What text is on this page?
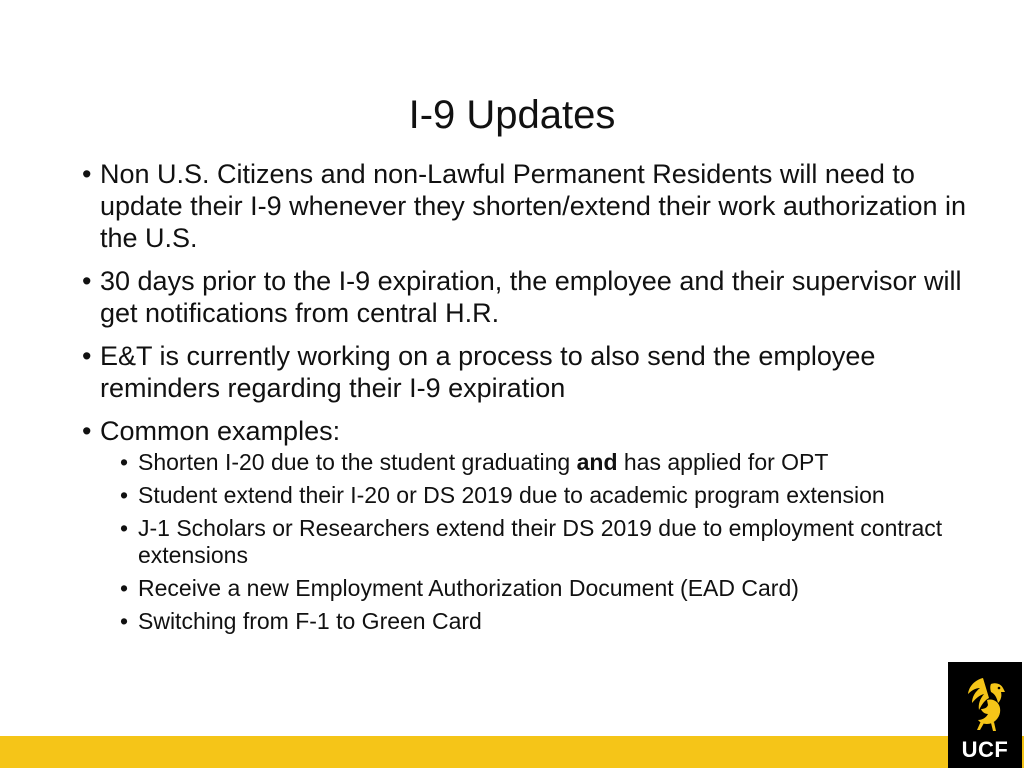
I-9 Updates
• Non U.S. Citizens and non-Lawful Permanent Residents will need to update their I-9 whenever they shorten/extend their work authorization in the U.S.
• 30 days prior to the I-9 expiration, the employee and their supervisor will get notifications from central H.R.
• E&T is currently working on a process to also send the employee reminders regarding their I-9 expiration
• Common examples:
• Shorten I-20 due to the student graduating and has applied for OPT
• Student extend their I-20 or DS 2019 due to academic program extension
• J-1 Scholars or Researchers extend their DS 2019 due to employment contract extensions
• Receive a new Employment Authorization Document (EAD Card)
• Switching from F-1 to Green Card
UCF
